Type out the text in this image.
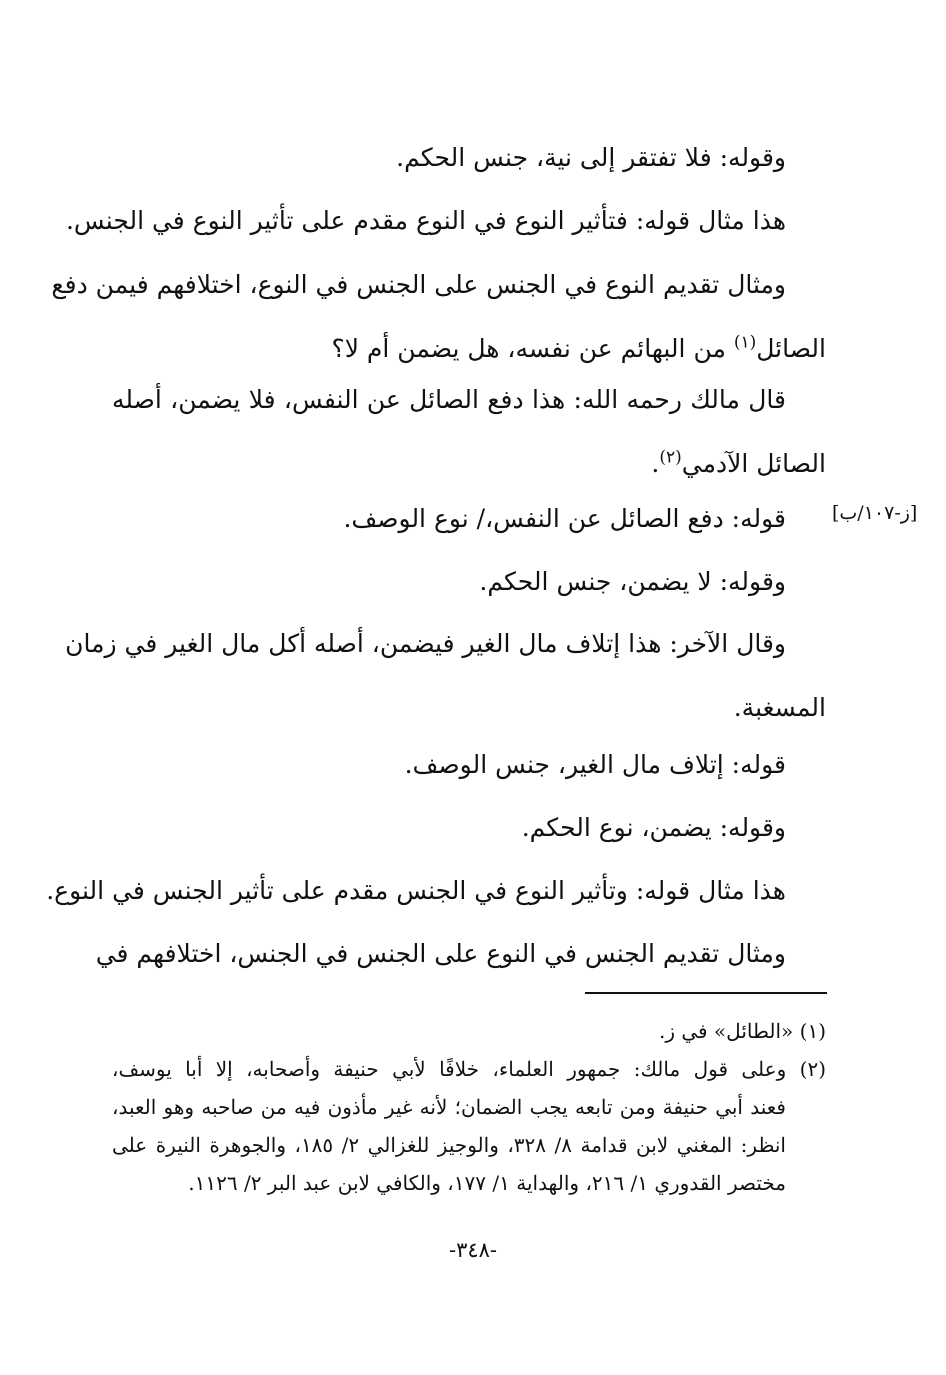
وقوله: فلا تفتقر إلى نية، جنس الحكم.

هذا مثال قوله: فتأثير النوع في النوع مقدم على تأثير النوع في الجنس.

ومثال تقديم النوع في الجنس على الجنس في النوع، اختلافهم فيمن دفع
الصائل$^{(١)}$ من البهائم عن نفسه، هل يضمن أم لا؟

قال مالك رحمه الله: هذا دفع الصائل عن النفس، فلا يضمن، أصله
الصائل الآدمي$^{(٢)}$.

[ز-١٠٧/ب]

قوله: دفع الصائل عن النفس،/ نوع الوصف.

وقوله: لا يضمن، جنس الحكم.

وقال الآخر: هذا إتلاف مال الغير فيضمن، أصله أكل مال الغير في زمان
المسغبة.

قوله: إتلاف مال الغير، جنس الوصف.

وقوله: يضمن، نوع الحكم.

هذا مثال قوله: وتأثير النوع في الجنس مقدم على تأثير الجنس في النوع.

ومثال تقديم الجنس في النوع على الجنس في الجنس، اختلافهم في

(١) «الطائل» في ز.
(٢) وعلى قول مالك: جمهور العلماء، خلافًا لأبي حنيفة وأصحابه، إلا أبا يوسف،
فعند أبي حنيفة ومن تابعه يجب الضمان؛ لأنه غير مأذون فيه من صاحبه وهو العبد،
انظر: المغني لابن قدامة ٨/ ٣٢٨، والوجيز للغزالي ٢/ ١٨٥، والجوهرة النيرة على
مختصر القدوري ١/ ٢١٦، والهداية ١/ ١٧٧، والكافي لابن عبد البر ٢/ ١١٢٦.
-٣٤٨-
